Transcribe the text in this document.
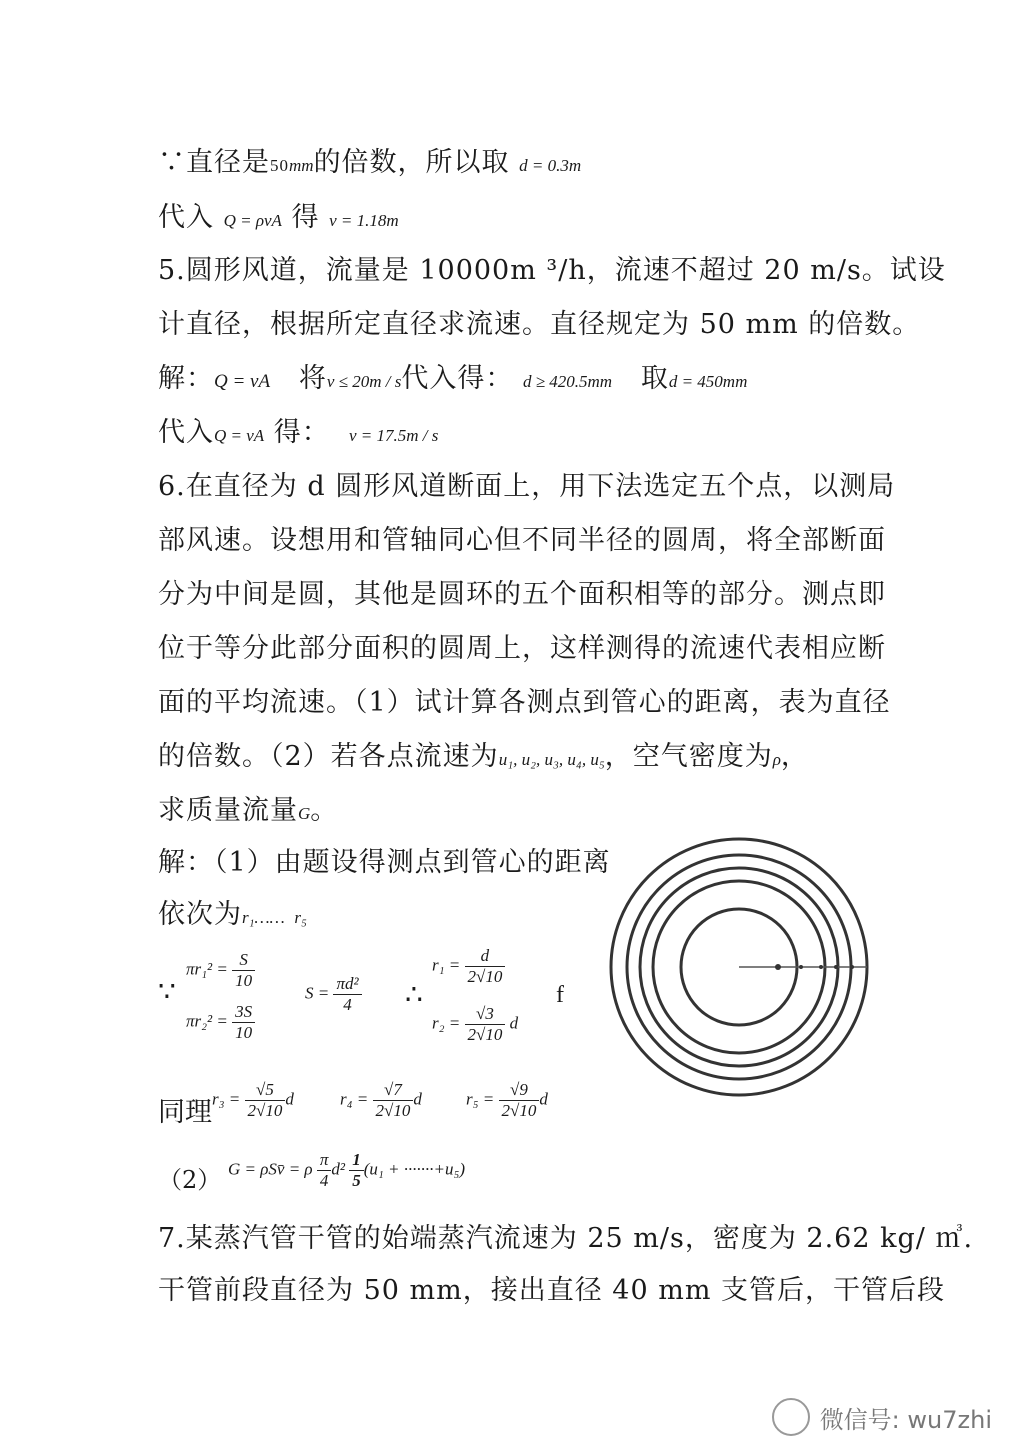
∵直径是50mm的倍数，所以取 d = 0.3m
代入 Q = ρvA 得 v = 1.18m
5.圆形风道，流量是 10000m ³/h，流速不超过 20 m/s。试设
计直径，根据所定直径求流速。直径规定为 50 mm 的倍数。
解：Q = vA 将v ≤ 20m / s代入得： d ≥ 420.5mm 取d = 450mm
代入Q = vA 得： v = 17.5m / s
6.在直径为 d 圆形风道断面上，用下法选定五个点，以测局
部风速。设想用和管轴同心但不同半径的圆周，将全部断面
分为中间是圆，其他是圆环的五个面积相等的部分。测点即
位于等分此部分面积的圆周上，这样测得的流速代表相应断
面的平均流速。（1）试计算各测点到管心的距离，表为直径
的倍数。（2）若各点流速为u₁, u₂, u₃, u₄, u₅，空气密度为ρ，
求质量流量G。
解：（1）由题设得测点到管心的距离
依次为r₁…… r₅
∵
$\pi r_1^2 = \frac{S}{10}$
$\pi r_2^2 = \frac{3S}{10}$
$S = \frac{\text{πd²}}{4}$ ∴
$r_1 = \frac{d}{2√10}$
$r_2 = \frac{√3}{2√10}$ d
f
同理 $r_3 = \frac{√5}{2√10}$ d	$r_4 = \frac{√7}{2√10}$ d	$r_5 = \frac{√9}{2√10}$ d
（2） G = ρSv̄ = ρ $\frac{\pi}{4} d^2 \frac{1}{5} (u_1 + \cdot\cdot\cdot\cdot\cdot\cdot\cdot+u_5)$
7.某蒸汽管干管的始端蒸汽流速为 25 m/s，密度为 2.62 kg/ ㎥.
干管前段直径为 50 mm，接出直径 40 mm 支管后，干管后段
微信号: wu7zhi
